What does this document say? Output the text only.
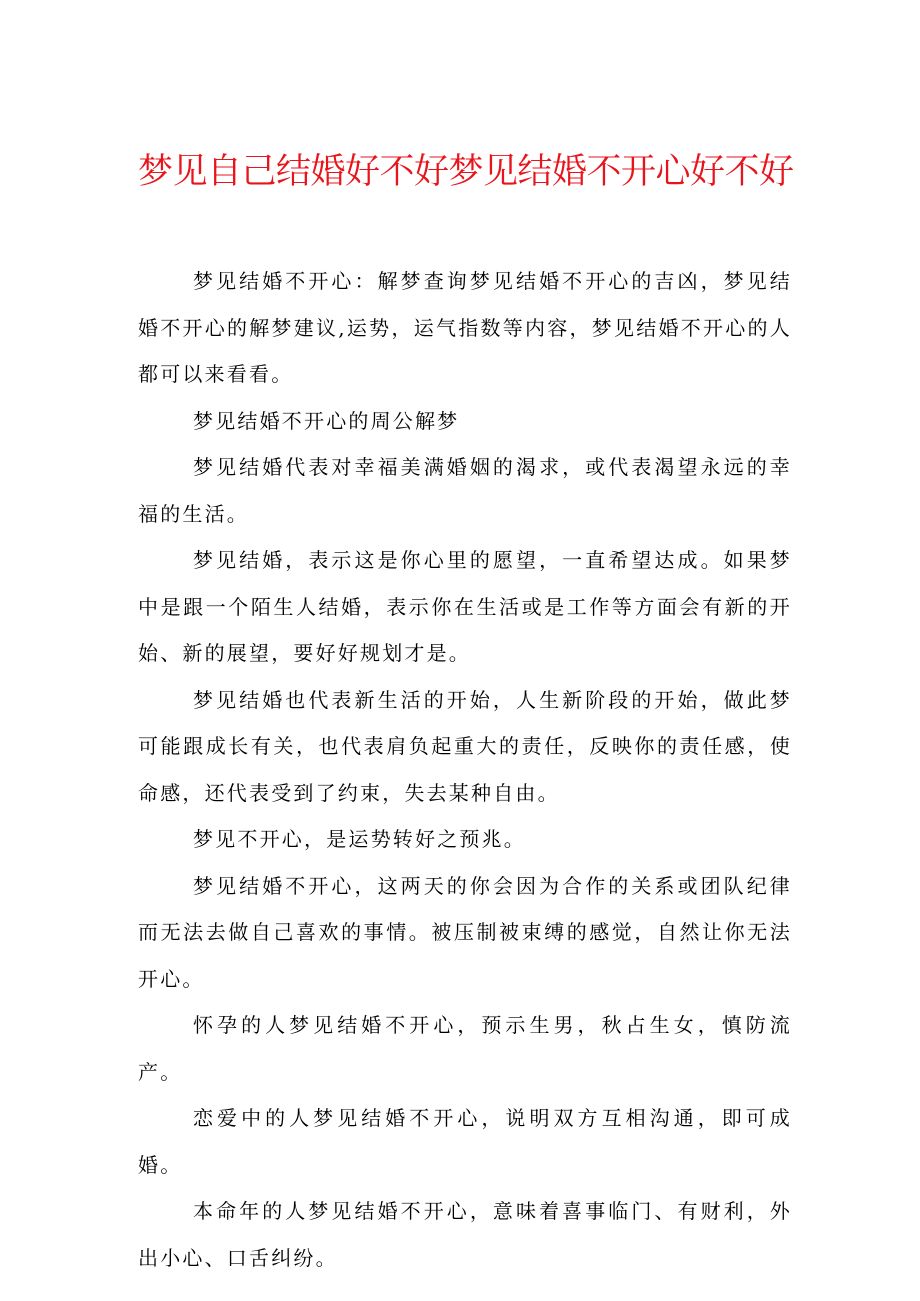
梦见自己结婚好不好梦见结婚不开心好不好

梦见结婚不开心：解梦查询梦见结婚不开心的吉凶，梦见结婚不开心的解梦建议,运势，运气指数等内容，梦见结婚不开心的人都可以来看看。

梦见结婚不开心的周公解梦

梦见结婚代表对幸福美满婚姻的渴求，或代表渴望永远的幸福的生活。

梦见结婚，表示这是你心里的愿望，一直希望达成。如果梦中是跟一个陌生人结婚，表示你在生活或是工作等方面会有新的开始、新的展望，要好好规划才是。

梦见结婚也代表新生活的开始，人生新阶段的开始，做此梦可能跟成长有关，也代表肩负起重大的责任，反映你的责任感，使命感，还代表受到了约束，失去某种自由。

梦见不开心，是运势转好之预兆。

梦见结婚不开心，这两天的你会因为合作的关系或团队纪律而无法去做自己喜欢的事情。被压制被束缚的感觉，自然让你无法开心。

怀孕的人梦见结婚不开心，预示生男，秋占生女，慎防流产。

恋爱中的人梦见结婚不开心，说明双方互相沟通，即可成婚。

本命年的人梦见结婚不开心，意味着喜事临门、有财利，外出小心、口舌纠纷。
